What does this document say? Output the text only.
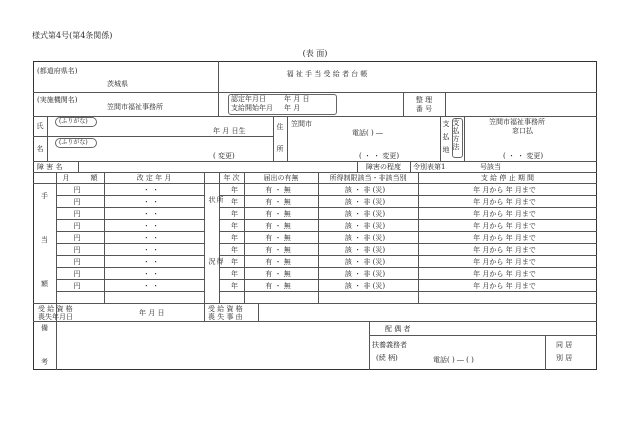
様式第4号(第4条関係)
(表 面)
(都道府県名)
茨城県
(実施機関名)
笠間市福祉事務所
福 祉 手 当 受 給 者 台 帳
認定年月日
支給開始年月
年 月 日
年 月
整 理
番 号
氏
名
(ふりがな)
年 月 日生
(ふりがな)
( 変更)
住
所
笠間市
電話( ) ―
( ・ ・ 変更)
支
払
地
支払方法
笠間市福祉事務所
窓口払
( ・ ・ 変更)
障 害 名	障害の程度	令別表第1	号該当
月　　　	額	改 定 年 月	年 次	届出の有無	所得制限該当・非該当別	支 給 停 止 期 間
手
当
額	所 得 状 況
円	・ ・	年	有 ・ 無	該 ・ 非 (災)	年 月から 年 月まで
円	・ ・	年	有 ・ 無	該 ・ 非 (災)	年 月から 年 月まで
円	・ ・	年	有 ・ 無	該 ・ 非 (災)	年 月から 年 月まで
円	・ ・	年	有 ・ 無	該 ・ 非 (災)	年 月から 年 月まで
円	・ ・	年	有 ・ 無	該 ・ 非 (災)	年 月から 年 月まで
円	・ ・	年	有 ・ 無	該 ・ 非 (災)	年 月から 年 月まで
円	・ ・	年	有 ・ 無	該 ・ 非 (災)	年 月から 年 月まで
円	・ ・	年	有 ・ 無	該 ・ 非 (災)	年 月から 年 月まで
円	・ ・	年	有 ・ 無	該 ・ 非 (災)	年 月から 年 月まで
受 給 資 格
喪失年月日	年 月 日	受 給 資 格
喪 失 事 由
備
考
配 偶 者
扶養義務者
(続 柄)	電話( ) ― ( )
同 居
別 居
